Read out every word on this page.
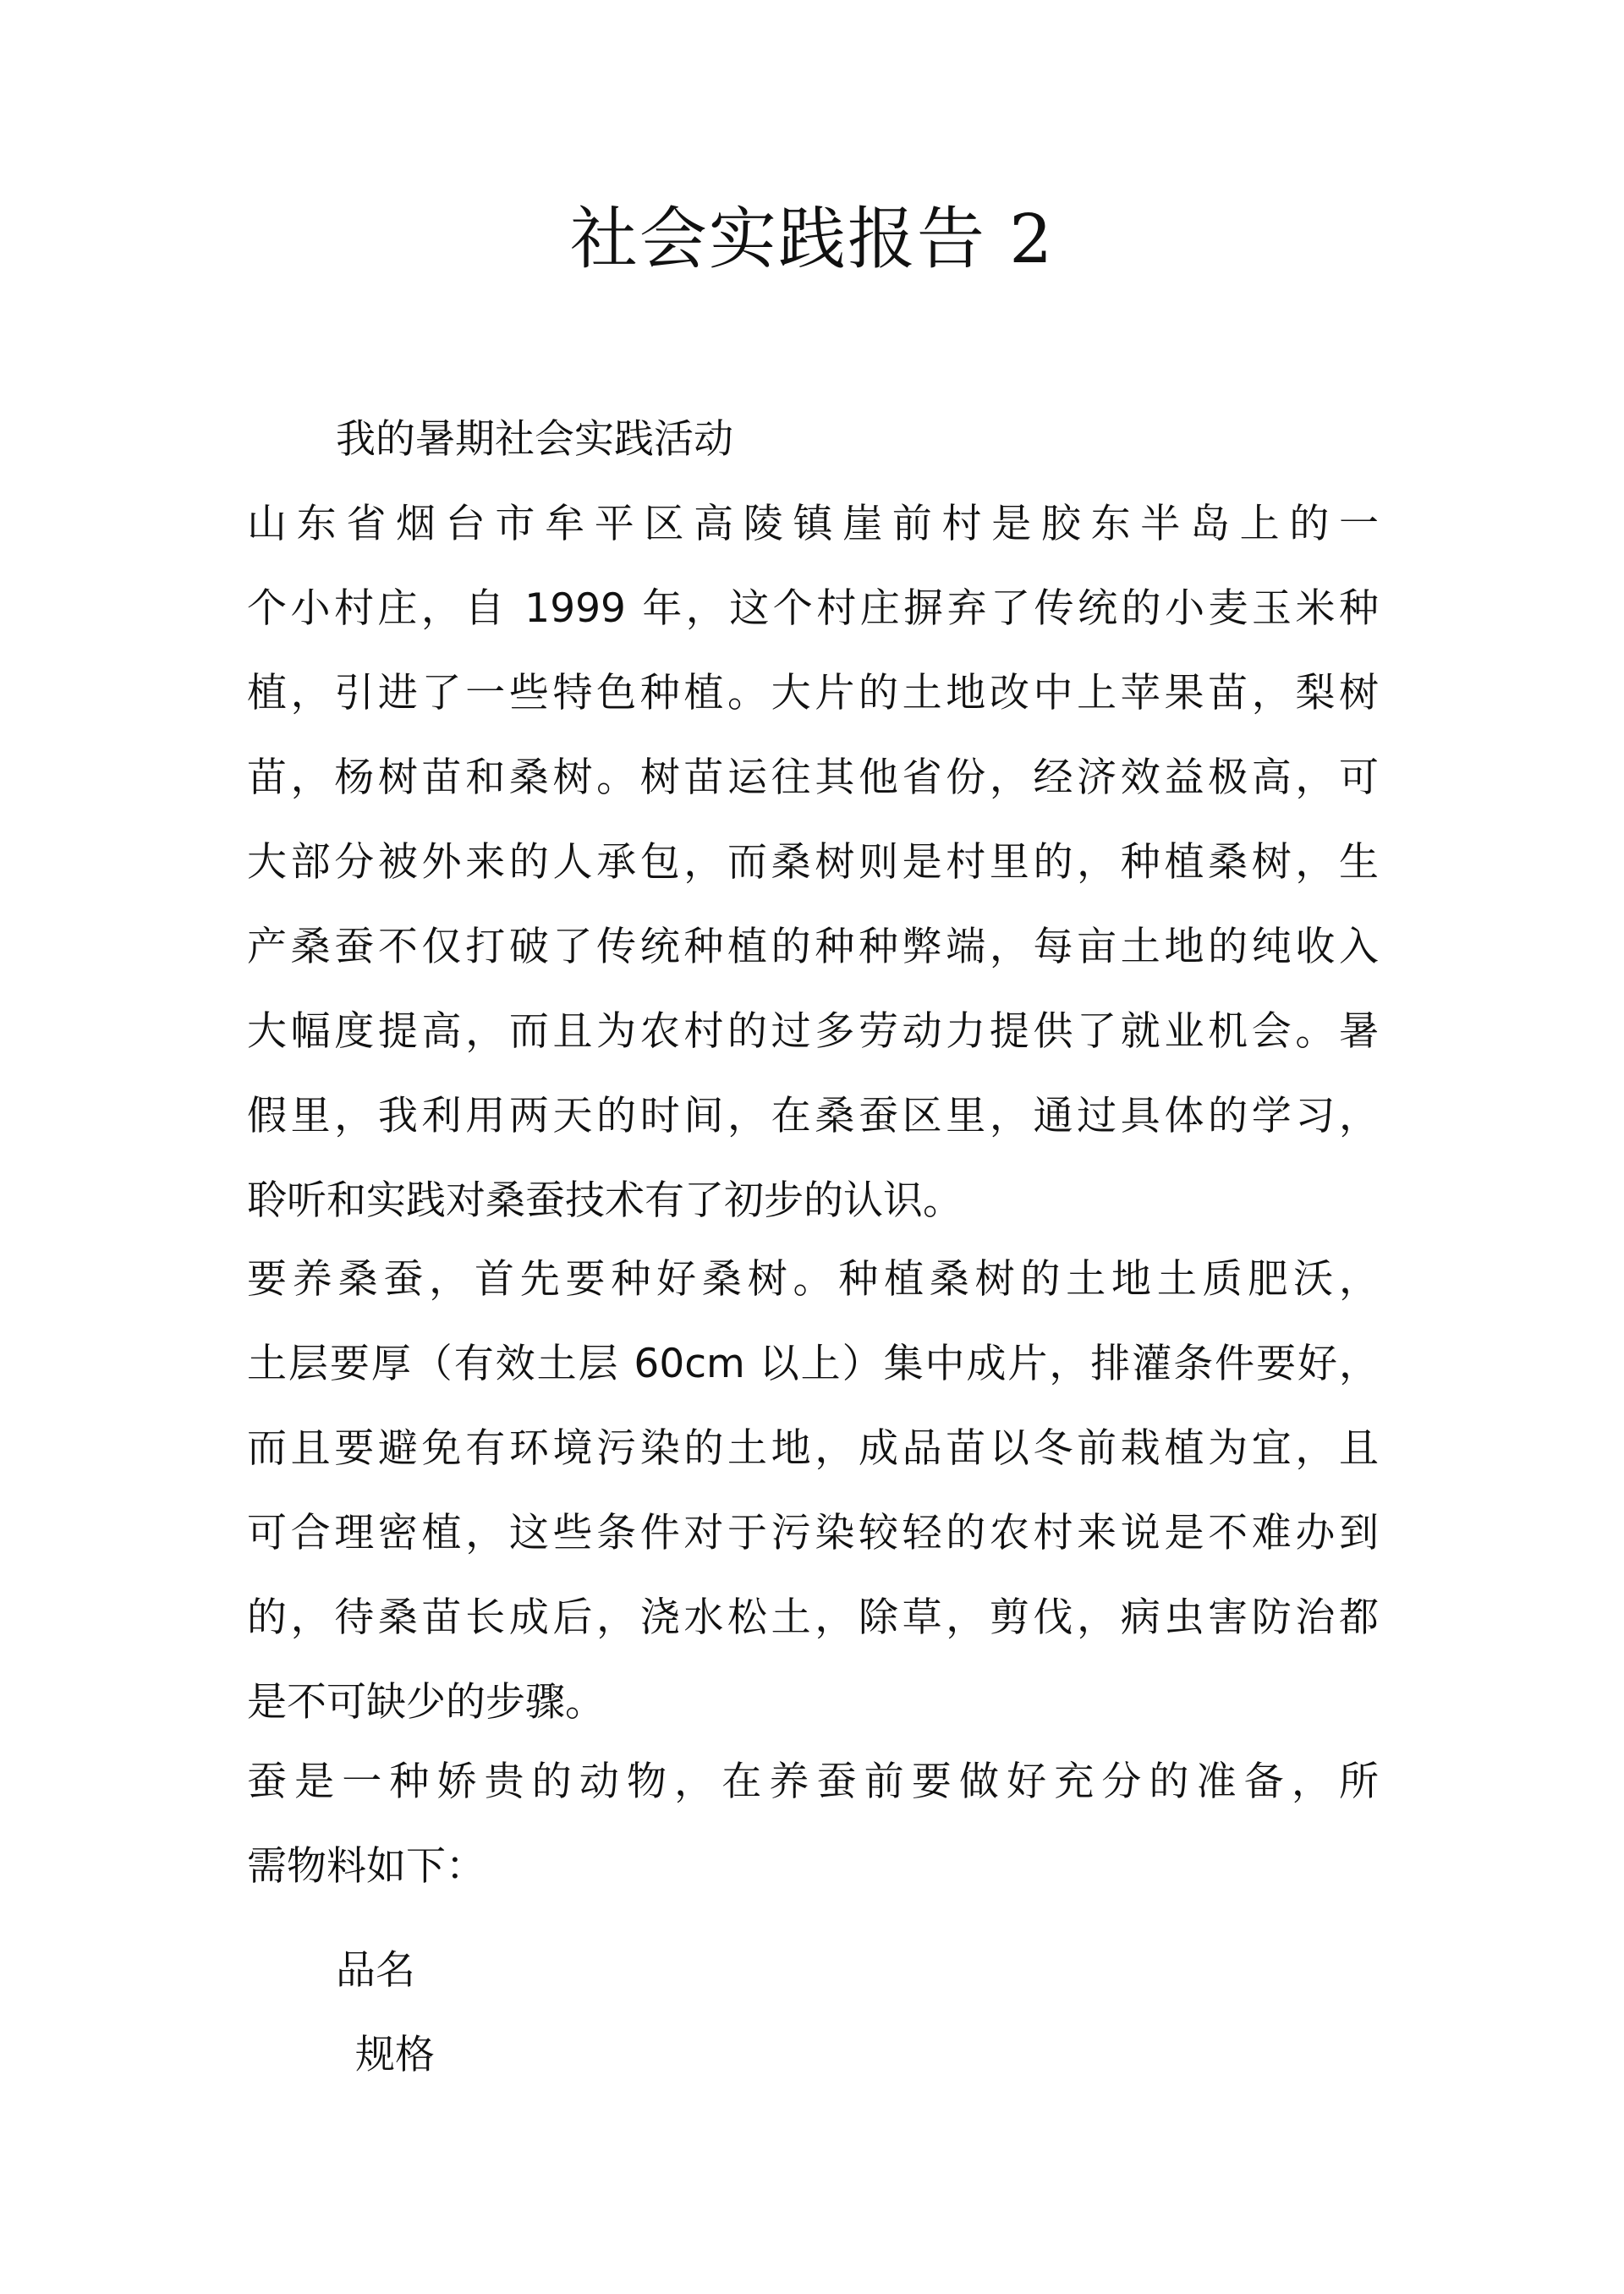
社会实践报告 2
我的暑期社会实践活动
山东省烟台市牟平区高陵镇崖前村是胶东半岛上的一
个小村庄，自 1999 年，这个村庄摒弃了传统的小麦玉米种
植，引进了一些特色种植。大片的土地改中上苹果苗，梨树
苗，杨树苗和桑树。树苗运往其他省份，经济效益极高，可
大部分被外来的人承包，而桑树则是村里的，种植桑树，生
产桑蚕不仅打破了传统种植的种种弊端，每亩土地的纯收入
大幅度提高，而且为农村的过多劳动力提供了就业机会。暑
假里，我利用两天的时间，在桑蚕区里，通过具体的学习，
聆听和实践对桑蚕技术有了初步的认识。
要养桑蚕，首先要种好桑树。种植桑树的土地土质肥沃，
土层要厚（有效土层 60cm 以上）集中成片，排灌条件要好，
而且要避免有环境污染的土地，成品苗以冬前栽植为宜，且
可合理密植，这些条件对于污染较轻的农村来说是不难办到
的，待桑苗长成后，浇水松土，除草，剪伐，病虫害防治都
是不可缺少的步骤。
蚕是一种娇贵的动物，在养蚕前要做好充分的准备，所
需物料如下：
品名
规格
